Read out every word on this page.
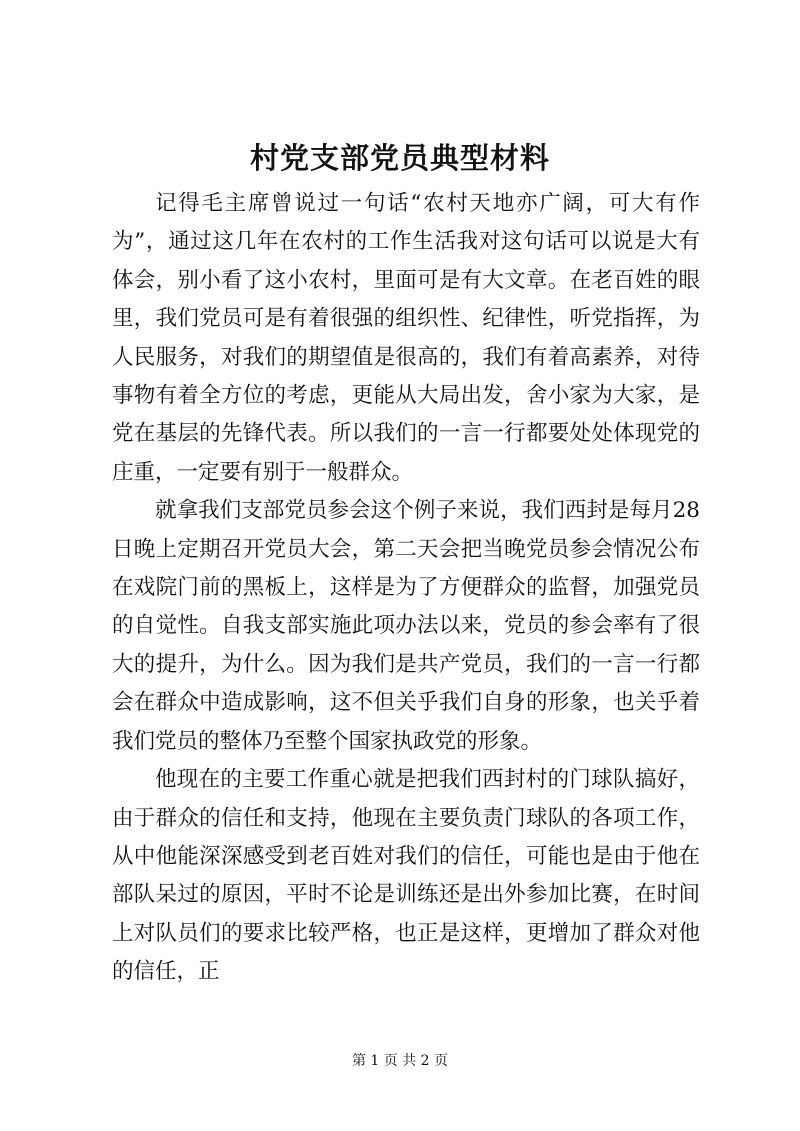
村党支部党员典型材料

记得毛主席曾说过一句话“农村天地亦广阔，可大有作为”，通过这几年在农村的工作生活我对这句话可以说是大有体会，别小看了这小农村，里面可是有大文章。在老百姓的眼里，我们党员可是有着很强的组织性、纪律性，听党指挥，为人民服务，对我们的期望值是很高的，我们有着高素养，对待事物有着全方位的考虑，更能从大局出发，舍小家为大家，是党在基层的先锋代表。所以我们的一言一行都要处处体现党的庄重，一定要有别于一般群众。

就拿我们支部党员参会这个例子来说，我们西封是每月28日晚上定期召开党员大会，第二天会把当晚党员参会情况公布在戏院门前的黑板上，这样是为了方便群众的监督，加强党员的自觉性。自我支部实施此项办法以来，党员的参会率有了很大的提升，为什么。因为我们是共产党员，我们的一言一行都会在群众中造成影响，这不但关乎我们自身的形象，也关乎着我们党员的整体乃至整个国家执政党的形象。

他现在的主要工作重心就是把我们西封村的门球队搞好，由于群众的信任和支持，他现在主要负责门球队的各项工作，从中他能深深感受到老百姓对我们的信任，可能也是由于他在部队呆过的原因，平时不论是训练还是出外参加比赛，在时间上对队员们的要求比较严格，也正是这样，更增加了群众对他的信任，正

第 1 页 共 2 页
